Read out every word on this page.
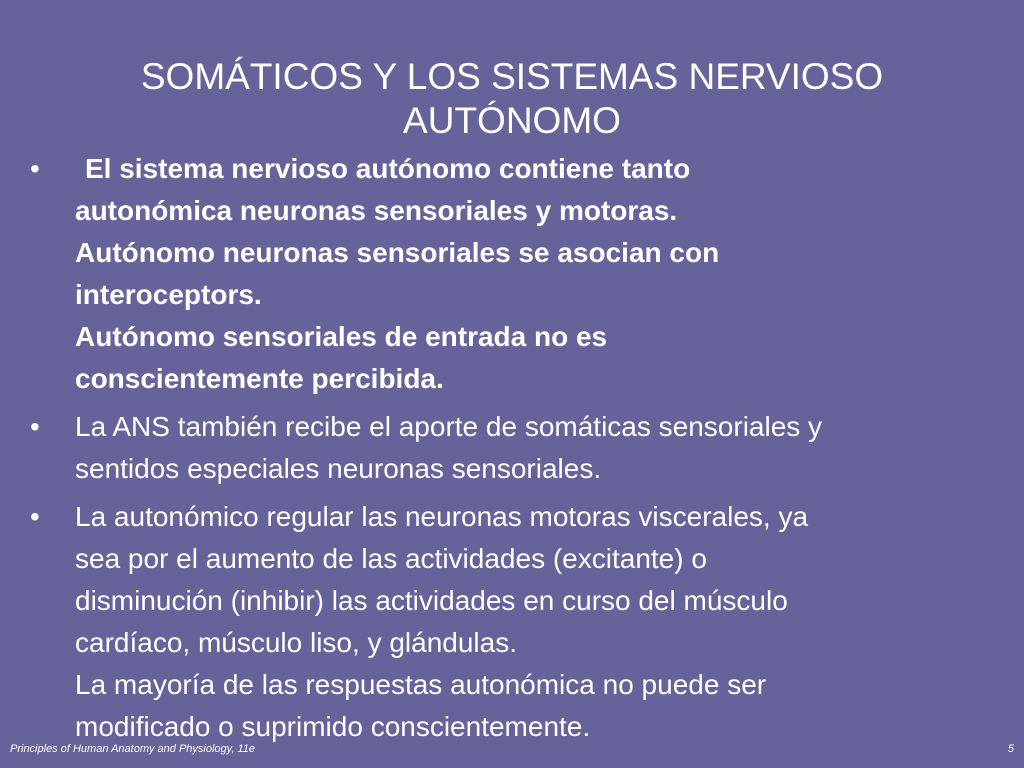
SOMÁTICOS Y LOS SISTEMAS NERVIOSO
AUTÓNOMO
•	El sistema nervioso autónomo contiene tanto
autonómica neuronas sensoriales y motoras.
Autónomo neuronas sensoriales se asocian con
interoceptors.
Autónomo sensoriales de entrada no es
conscientemente percibida.
•	La ANS también recibe el aporte de somáticas sensoriales y
sentidos especiales neuronas sensoriales.
•	La autonómico regular las neuronas motoras viscerales, ya
sea por el aumento de las actividades (excitante) o
disminución (inhibir) las actividades en curso del músculo
cardíaco, músculo liso, y glándulas.
La mayoría de las respuestas autonómica no puede ser
modificado o suprimido conscientemente.
Principles of Human Anatomy and Physiology, 11e	5
